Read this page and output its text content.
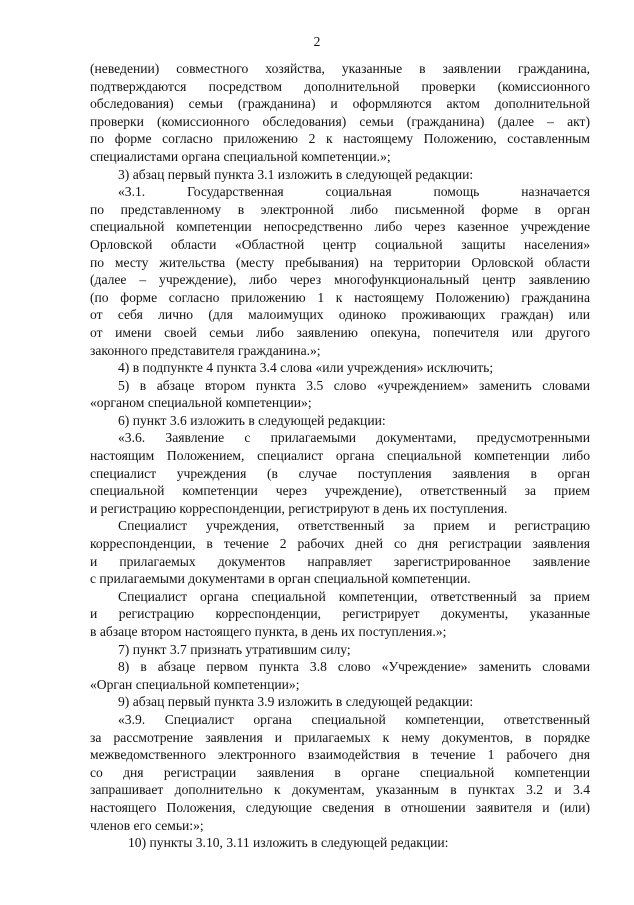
2
(неведении) совместного хозяйства, указанные в заявлении гражданина,
подтверждаются посредством дополнительной проверки (комиссионного
обследования) семьи (гражданина) и оформляются актом дополнительной
проверки (комиссионного обследования) семьи (гражданина) (далее – акт)
по форме согласно приложению 2 к настоящему Положению, составленным
специалистами органа специальной компетенции.»;
3) абзац первый пункта 3.1 изложить в следующей редакции:
«3.1. Государственная социальная помощь назначается
по представленному в электронной либо письменной форме в орган
специальной компетенции непосредственно либо через казенное учреждение
Орловской области «Областной центр социальной защиты населения»
по месту жительства (месту пребывания) на территории Орловской области
(далее – учреждение), либо через многофункциональный центр заявлению
(по форме согласно приложению 1 к настоящему Положению) гражданина
от себя лично (для малоимущих одиноко проживающих граждан) или
от имени своей семьи либо заявлению опекуна, попечителя или другого
законного представителя гражданина.»;
4) в подпункте 4 пункта 3.4 слова «или учреждения» исключить;
5) в абзаце втором пункта 3.5 слово «учреждением» заменить словами
«органом специальной компетенции»;
6) пункт 3.6 изложить в следующей редакции:
«3.6. Заявление с прилагаемыми документами, предусмотренными
настоящим Положением, специалист органа специальной компетенции либо
специалист учреждения (в случае поступления заявления в орган
специальной компетенции через учреждение), ответственный за прием
и регистрацию корреспонденции, регистрируют в день их поступления.
Специалист учреждения, ответственный за прием и регистрацию
корреспонденции, в течение 2 рабочих дней со дня регистрации заявления
и прилагаемых документов направляет зарегистрированное заявление
с прилагаемыми документами в орган специальной компетенции.
Специалист органа специальной компетенции, ответственный за прием
и регистрацию корреспонденции, регистрирует документы, указанные
в абзаце втором настоящего пункта, в день их поступления.»;
7) пункт 3.7 признать утратившим силу;
8) в абзаце первом пункта 3.8 слово «Учреждение» заменить словами
«Орган специальной компетенции»;
9) абзац первый пункта 3.9 изложить в следующей редакции:
«3.9. Специалист органа специальной компетенции, ответственный
за рассмотрение заявления и прилагаемых к нему документов, в порядке
межведомственного электронного взаимодействия в течение 1 рабочего дня
со дня регистрации заявления в органе специальной компетенции
запрашивает дополнительно к документам, указанным в пунктах 3.2 и 3.4
настоящего Положения, следующие сведения в отношении заявителя и (или)
членов его семьи:»;
10) пункты 3.10, 3.11 изложить в следующей редакции:
